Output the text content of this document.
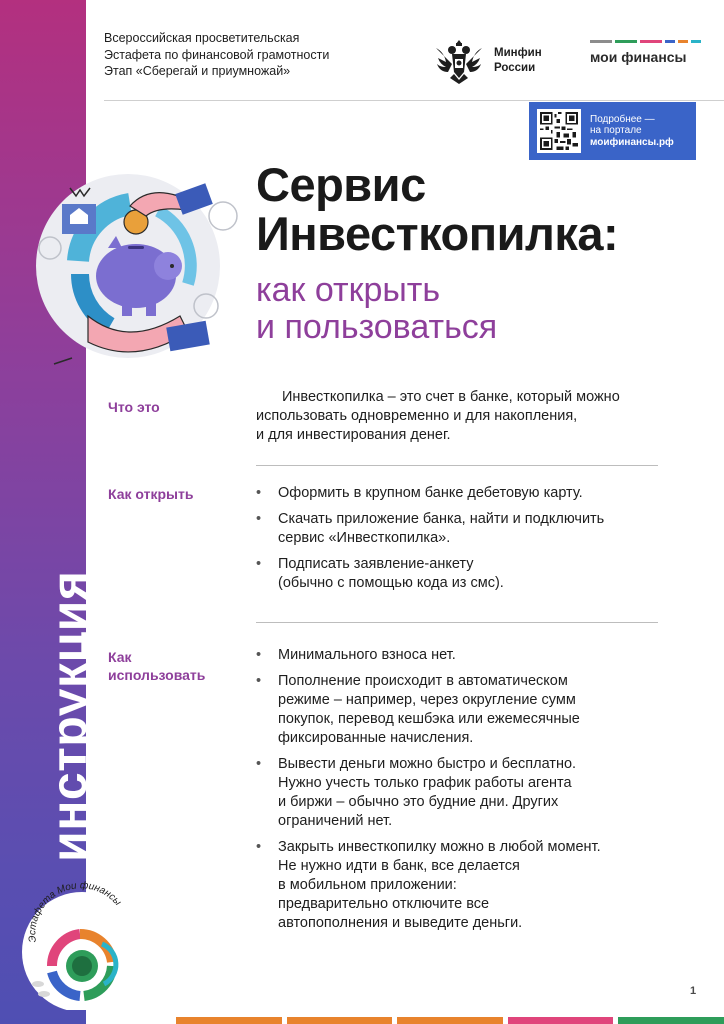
инструкция
Всероссийская просветительская
Эстафета по финансовой грамотности
Этап «Сберегай и приумножай»
Минфин
России
мои финансы
Подробнее —
на портале
моифинансы.рф
Сервис
Инвесткопилка:
как открыть
и пользоваться
Что это
Инвесткопилка – это счет в банке, который можно
использовать одновременно и для накопления,
и для инвестирования денег.
Как открыть
•	Оформить в крупном банке дебетовую карту.
• Скачать приложение банка, найти и подключить
сервис «Инвесткопилка».
• Подписать заявление-анкету
(обычно с помощью кода из смс).
Как
использовать
• Минимального взноса нет.
• Пополнение происходит в автоматическом
режиме – например, через округление сумм
покупок, перевод кешбэка или ежемесячные
фиксированные начисления.
• Вывести деньги можно быстро и бесплатно.
Нужно учесть только график работы агента
и биржи – обычно это будние дни. Других
ограничений нет.
• Закрыть инвесткопилку можно в любой момент.
Не нужно идти в банк, все делается
в мобильном приложении:
предварительно отключите все
автопополнения и выведите деньги.
Эстафета Мои финансы
1
